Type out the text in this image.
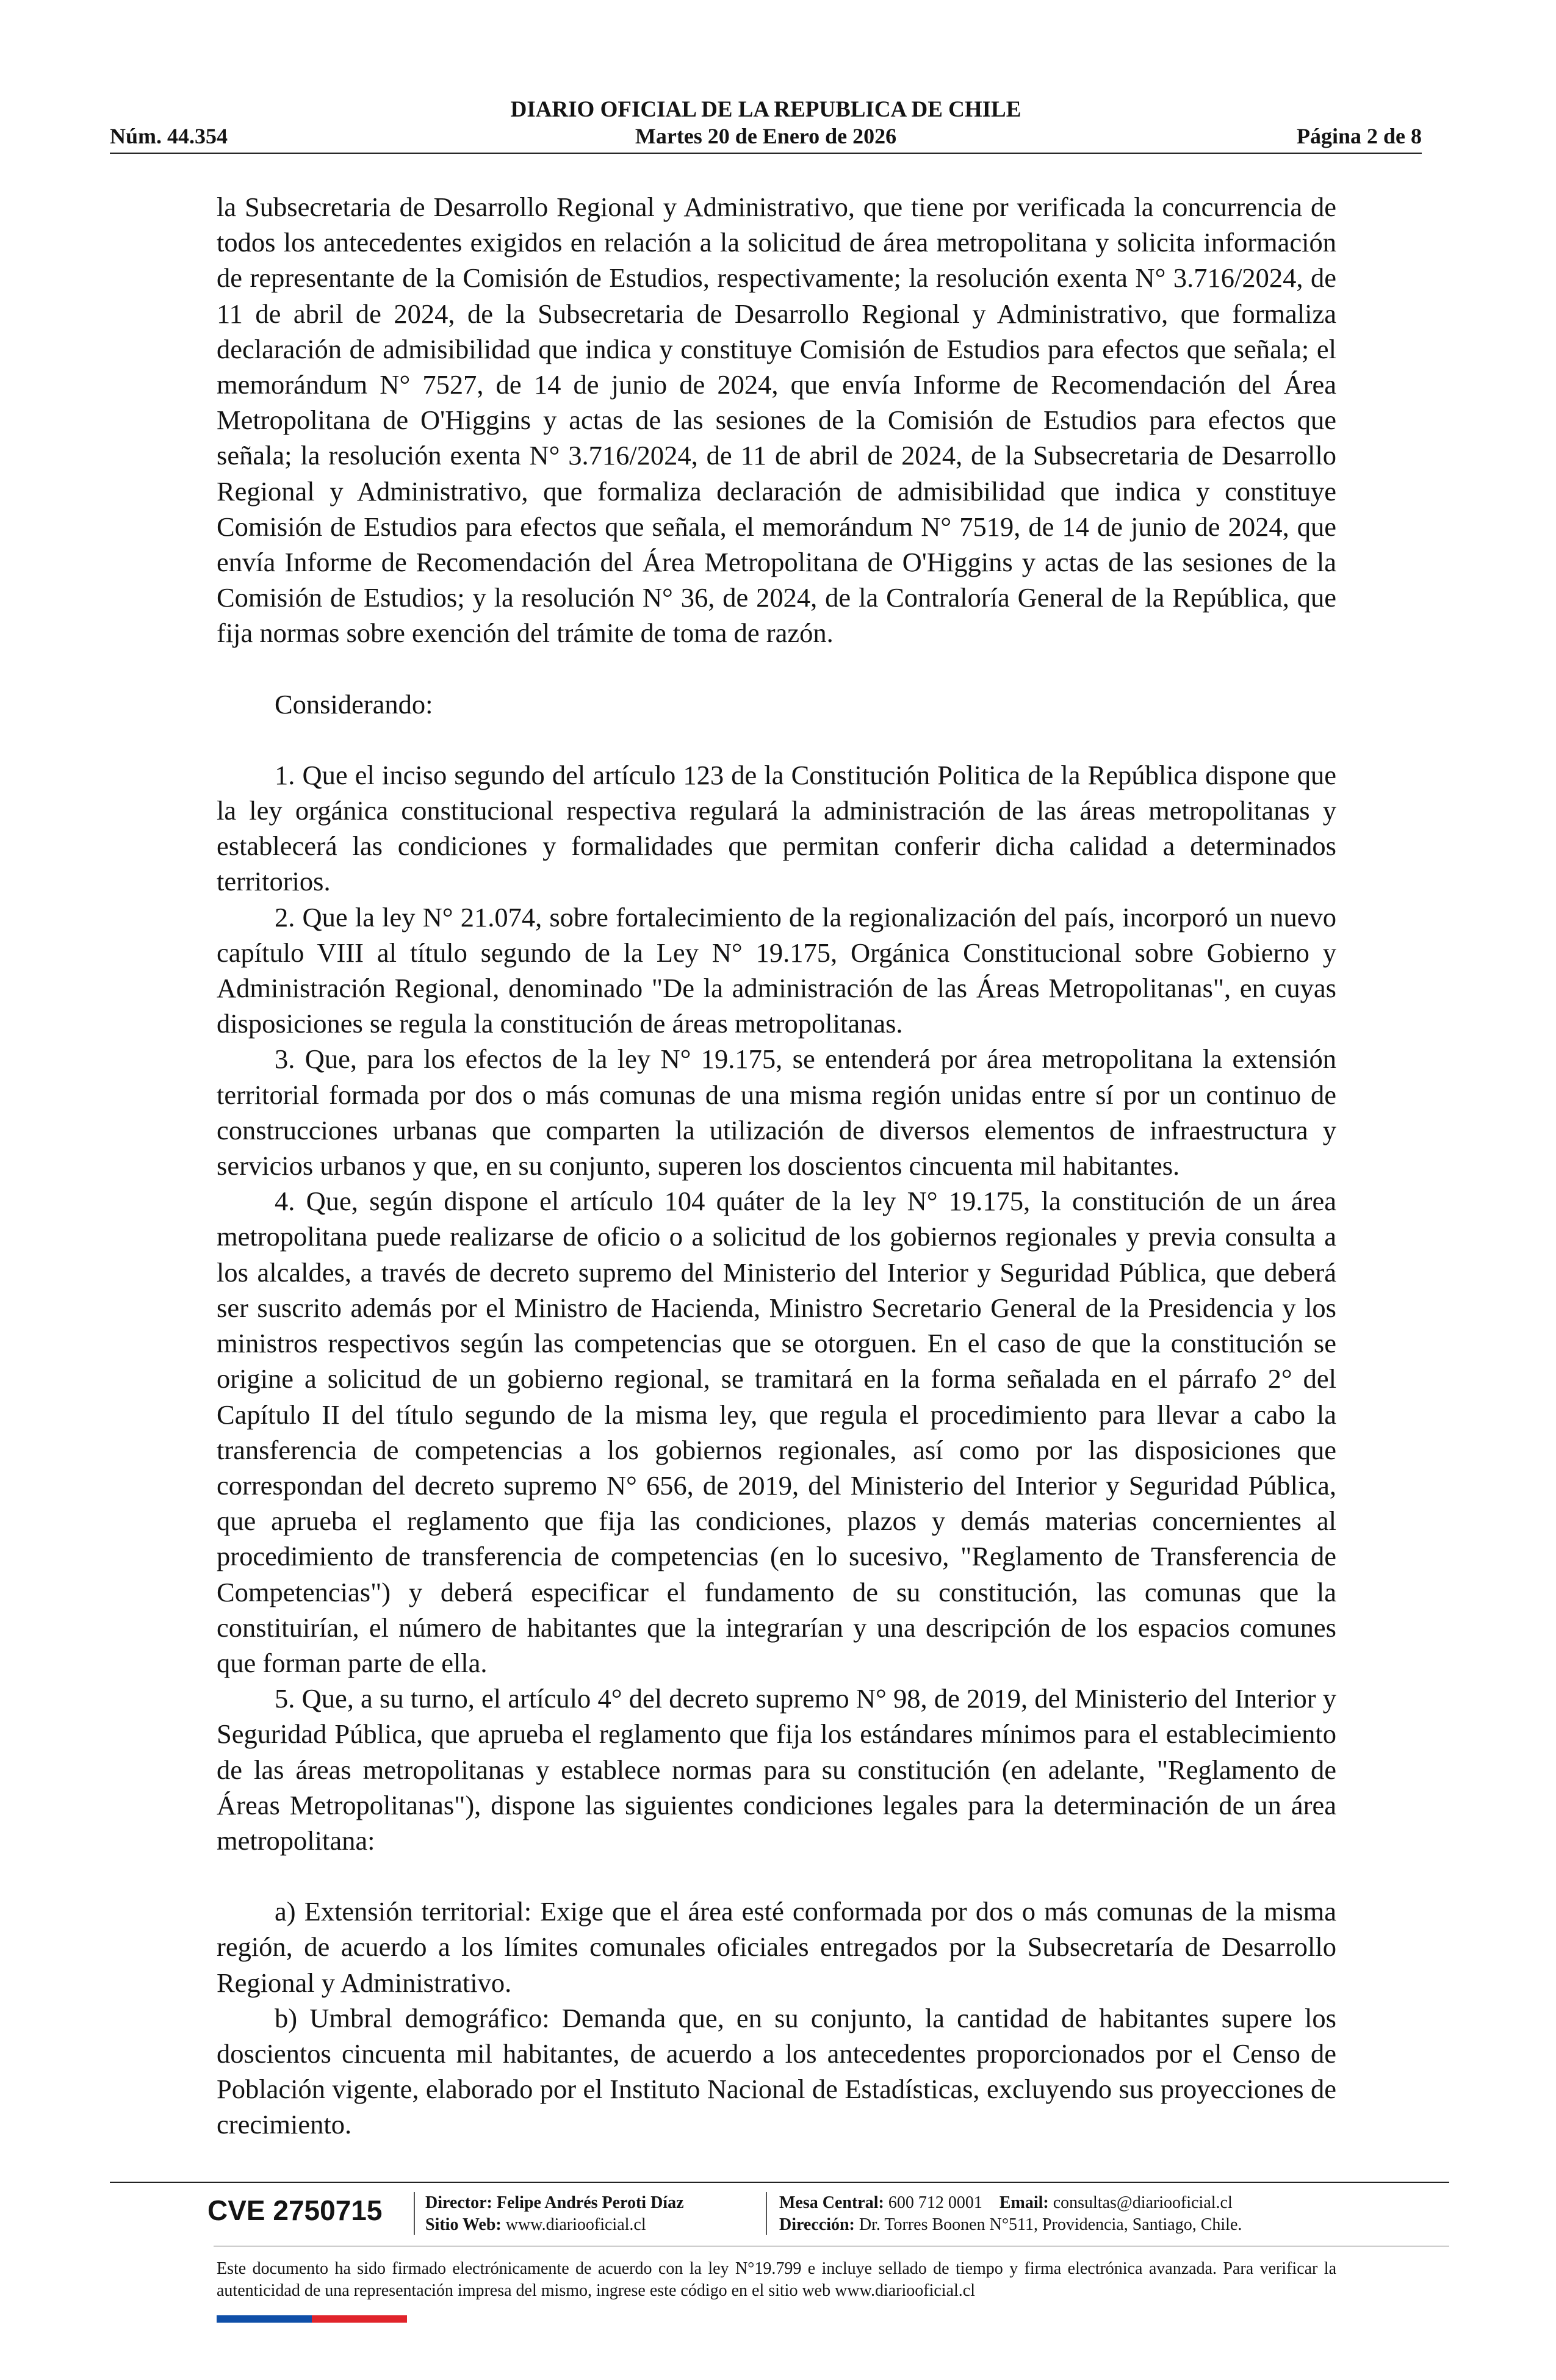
DIARIO OFICIAL DE LA REPUBLICA DE CHILE
Núm. 44.354	Martes 20 de Enero de 2026	Página 2 de 8

la Subsecretaria de Desarrollo Regional y Administrativo, que tiene por verificada la concurrencia de todos los antecedentes exigidos en relación a la solicitud de área metropolitana y solicita información de representante de la Comisión de Estudios, respectivamente; la resolución exenta N° 3.716/2024, de 11 de abril de 2024, de la Subsecretaria de Desarrollo Regional y Administrativo, que formaliza declaración de admisibilidad que indica y constituye Comisión de Estudios para efectos que señala; el memorándum N° 7527, de 14 de junio de 2024, que envía Informe de Recomendación del Área Metropolitana de O'Higgins y actas de las sesiones de la Comisión de Estudios para efectos que señala; la resolución exenta N° 3.716/2024, de 11 de abril de 2024, de la Subsecretaria de Desarrollo Regional y Administrativo, que formaliza declaración de admisibilidad que indica y constituye Comisión de Estudios para efectos que señala, el memorándum N° 7519, de 14 de junio de 2024, que envía Informe de Recomendación del Área Metropolitana de O'Higgins y actas de las sesiones de la Comisión de Estudios; y la resolución N° 36, de 2024, de la Contraloría General de la República, que fija normas sobre exención del trámite de toma de razón.

Considerando:

1. Que el inciso segundo del artículo 123 de la Constitución Politica de la República dispone que la ley orgánica constitucional respectiva regulará la administración de las áreas metropolitanas y establecerá las condiciones y formalidades que permitan conferir dicha calidad a determinados territorios.

2. Que la ley N° 21.074, sobre fortalecimiento de la regionalización del país, incorporó un nuevo capítulo VIII al título segundo de la Ley N° 19.175, Orgánica Constitucional sobre Gobierno y Administración Regional, denominado "De la administración de las Áreas Metropolitanas", en cuyas disposiciones se regula la constitución de áreas metropolitanas.

3. Que, para los efectos de la ley N° 19.175, se entenderá por área metropolitana la extensión territorial formada por dos o más comunas de una misma región unidas entre sí por un continuo de construcciones urbanas que comparten la utilización de diversos elementos de infraestructura y servicios urbanos y que, en su conjunto, superen los doscientos cincuenta mil habitantes.

4. Que, según dispone el artículo 104 quáter de la ley N° 19.175, la constitución de un área metropolitana puede realizarse de oficio o a solicitud de los gobiernos regionales y previa consulta a los alcaldes, a través de decreto supremo del Ministerio del Interior y Seguridad Pública, que deberá ser suscrito además por el Ministro de Hacienda, Ministro Secretario General de la Presidencia y los ministros respectivos según las competencias que se otorguen. En el caso de que la constitución se origine a solicitud de un gobierno regional, se tramitará en la forma señalada en el párrafo 2° del Capítulo II del título segundo de la misma ley, que regula el procedimiento para llevar a cabo la transferencia de competencias a los gobiernos regionales, así como por las disposiciones que correspondan del decreto supremo N° 656, de 2019, del Ministerio del Interior y Seguridad Pública, que aprueba el reglamento que fija las condiciones, plazos y demás materias concernientes al procedimiento de transferencia de competencias (en lo sucesivo, "Reglamento de Transferencia de Competencias") y deberá especificar el fundamento de su constitución, las comunas que la constituirían, el número de habitantes que la integrarían y una descripción de los espacios comunes que forman parte de ella.

5. Que, a su turno, el artículo 4° del decreto supremo N° 98, de 2019, del Ministerio del Interior y Seguridad Pública, que aprueba el reglamento que fija los estándares mínimos para el establecimiento de las áreas metropolitanas y establece normas para su constitución (en adelante, "Reglamento de Áreas Metropolitanas"), dispone las siguientes condiciones legales para la determinación de un área metropolitana:

a) Extensión territorial: Exige que el área esté conformada por dos o más comunas de la misma región, de acuerdo a los límites comunales oficiales entregados por la Subsecretaría de Desarrollo Regional y Administrativo.

b) Umbral demográfico: Demanda que, en su conjunto, la cantidad de habitantes supere los doscientos cincuenta mil habitantes, de acuerdo a los antecedentes proporcionados por el Censo de Población vigente, elaborado por el Instituto Nacional de Estadísticas, excluyendo sus proyecciones de crecimiento.

CVE 2750715	Director: Felipe Andrés Peroti Díaz
Sitio Web: www.diariooficial.cl
Mesa Central: 600 712 0001 Email: consultas@diariooficial.cl
Dirección: Dr. Torres Boonen N°511, Providencia, Santiago, Chile.
Este documento ha sido firmado electrónicamente de acuerdo con la ley N°19.799 e incluye sellado de tiempo y firma electrónica avanzada. Para verificar la autenticidad de una representación impresa del mismo, ingrese este código en el sitio web www.diariooficial.cl
